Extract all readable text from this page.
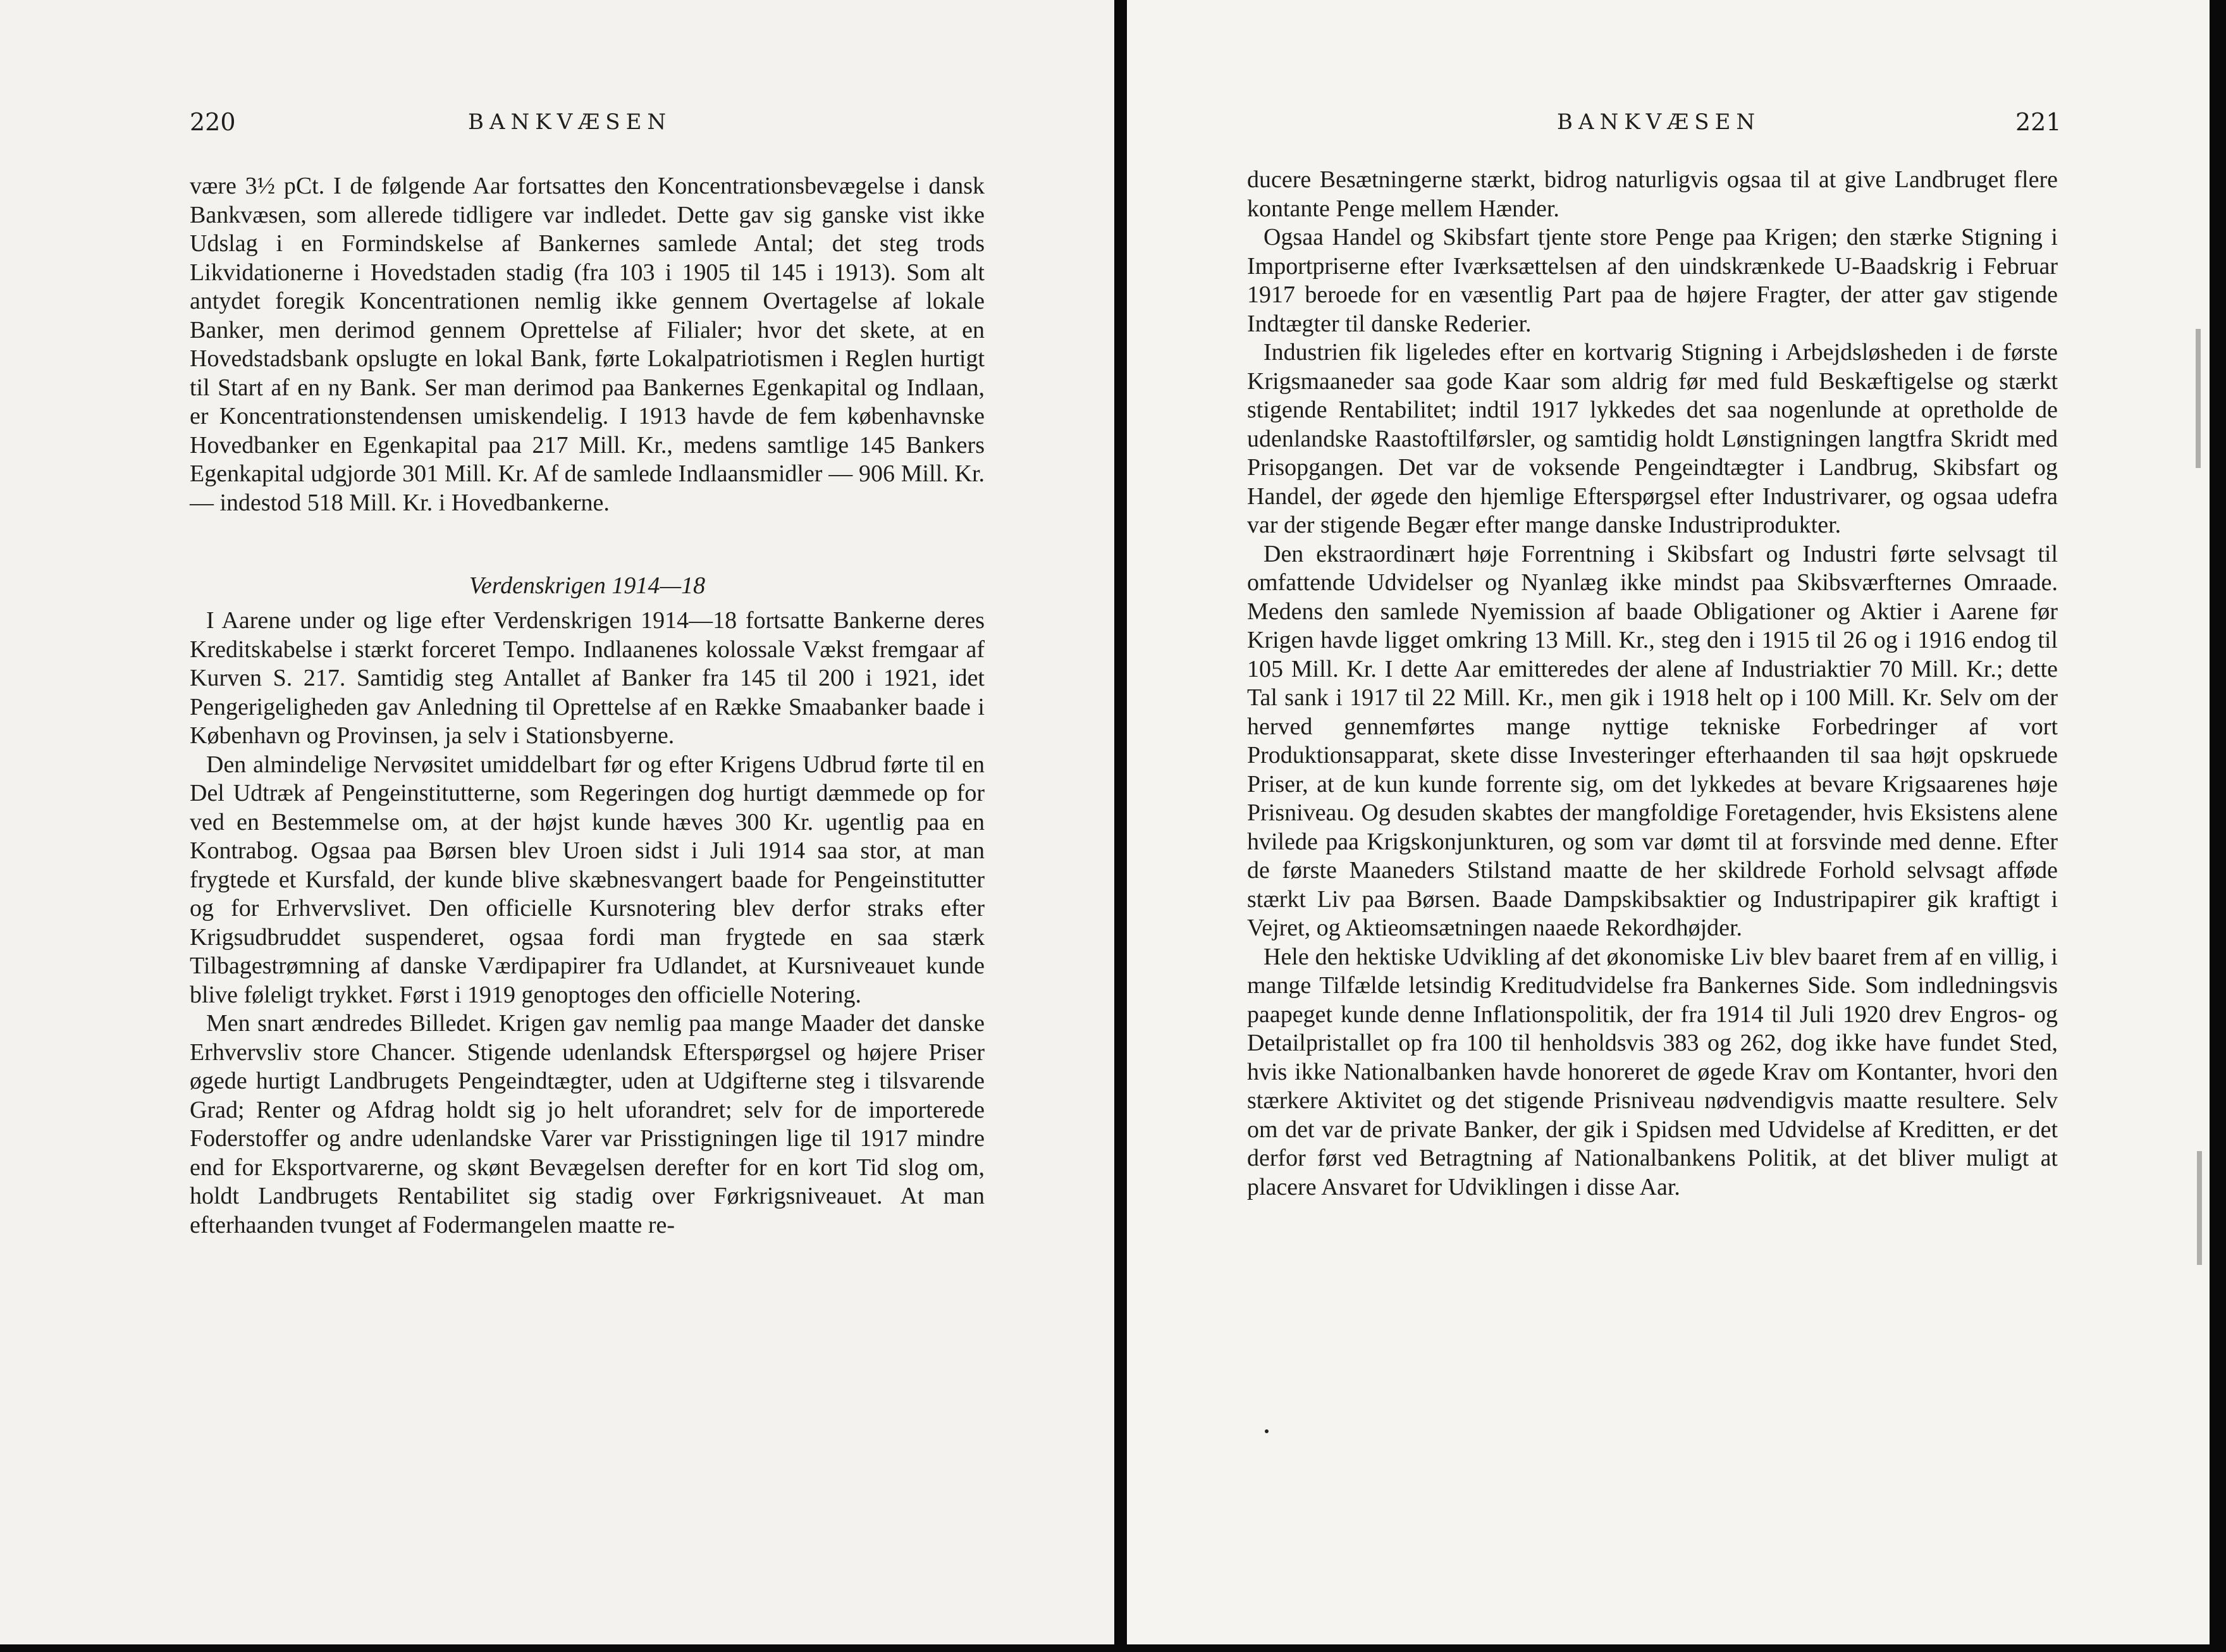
220	BANKVÆSEN

være 3½ pCt. I de følgende Aar fortsattes den Koncentrationsbevægelse i dansk Bankvæsen, som allerede tidligere var indledet. Dette gav sig ganske vist ikke Udslag i en Formindskelse af Bankernes samlede Antal; det steg trods Likvidationerne i Hovedstaden stadig (fra 103 i 1905 til 145 i 1913). Som alt antydet foregik Koncentrationen nemlig ikke gennem Overtagelse af lokale Banker, men derimod gennem Oprettelse af Filialer; hvor det skete, at en Hovedstadsbank opslugte en lokal Bank, førte Lokalpatriotismen i Reglen hurtigt til Start af en ny Bank. Ser man derimod paa Bankernes Egenkapital og Indlaan, er Koncentrationstendensen umiskendelig. I 1913 havde de fem københavnske Hovedbanker en Egenkapital paa 217 Mill. Kr., medens samtlige 145 Bankers Egenkapital udgjorde 301 Mill. Kr. Af de samlede Indlaansmidler — 906 Mill. Kr. — indestod 518 Mill. Kr. i Hovedbankerne.

Verdenskrigen 1914—18

I Aarene under og lige efter Verdenskrigen 1914—18 fortsatte Bankerne deres Kreditskabelse i stærkt forceret Tempo. Indlaanenes kolossale Vækst fremgaar af Kurven S. 217. Samtidig steg Antallet af Banker fra 145 til 200 i 1921, idet Pengerigeligheden gav Anledning til Oprettelse af en Række Smaabanker baade i København og Provinsen, ja selv i Stationsbyerne.

Den almindelige Nervøsitet umiddelbart før og efter Krigens Udbrud førte til en Del Udtræk af Pengeinstitutterne, som Regeringen dog hurtigt dæmmede op for ved en Bestemmelse om, at der højst kunde hæves 300 Kr. ugentlig paa en Kontrabog. Ogsaa paa Børsen blev Uroen sidst i Juli 1914 saa stor, at man frygtede et Kursfald, der kunde blive skæbnesvangert baade for Pengeinstitutter og for Erhvervslivet. Den officielle Kursnotering blev derfor straks efter Krigsudbruddet suspenderet, ogsaa fordi man frygtede en saa stærk Tilbagestrømning af danske Værdipapirer fra Udlandet, at Kursniveauet kunde blive føleligt trykket. Først i 1919 genoptoges den officielle Notering.

Men snart ændredes Billedet. Krigen gav nemlig paa mange Maader det danske Erhvervsliv store Chancer. Stigende udenlandsk Efterspørgsel og højere Priser øgede hurtigt Landbrugets Pengeindtægter, uden at Udgifterne steg i tilsvarende Grad; Renter og Afdrag holdt sig jo helt uforandret; selv for de importerede Foderstoffer og andre udenlandske Varer var Prisstigningen lige til 1917 mindre end for Eksportvarerne, og skønt Bevægelsen derefter for en kort Tid slog om, holdt Landbrugets Rentabilitet sig stadig over Førkrigsniveauet. At man efterhaanden tvunget af Fodermangelen maatte re-

BANKVÆSEN	221

ducere Besætningerne stærkt, bidrog naturligvis ogsaa til at give Landbruget flere kontante Penge mellem Hænder.

Ogsaa Handel og Skibsfart tjente store Penge paa Krigen; den stærke Stigning i Importpriserne efter Iværksættelsen af den uindskrænkede U-Baadskrig i Februar 1917 beroede for en væsentlig Part paa de højere Fragter, der atter gav stigende Indtægter til danske Rederier.

Industrien fik ligeledes efter en kortvarig Stigning i Arbejdsløsheden i de første Krigsmaaneder saa gode Kaar som aldrig før med fuld Beskæftigelse og stærkt stigende Rentabilitet; indtil 1917 lykkedes det saa nogenlunde at opretholde de udenlandske Raastoftilførsler, og samtidig holdt Lønstigningen langtfra Skridt med Prisopgangen. Det var de voksende Pengeindtægter i Landbrug, Skibsfart og Handel, der øgede den hjemlige Efterspørgsel efter Industrivarer, og ogsaa udefra var der stigende Begær efter mange danske Industriprodukter.

Den ekstraordinært høje Forrentning i Skibsfart og Industri førte selvsagt til omfattende Udvidelser og Nyanlæg ikke mindst paa Skibsværfternes Omraade. Medens den samlede Nyemission af baade Obligationer og Aktier i Aarene før Krigen havde ligget omkring 13 Mill. Kr., steg den i 1915 til 26 og i 1916 endog til 105 Mill. Kr. I dette Aar emitteredes der alene af Industriaktier 70 Mill. Kr.; dette Tal sank i 1917 til 22 Mill. Kr., men gik i 1918 helt op i 100 Mill. Kr. Selv om der herved gennemførtes mange nyttige tekniske Forbedringer af vort Produktionsapparat, skete disse Investeringer efterhaanden til saa højt opskruede Priser, at de kun kunde forrente sig, om det lykkedes at bevare Krigsaarenes høje Prisniveau. Og desuden skabtes der mangfoldige Foretagender, hvis Eksistens alene hvilede paa Krigskonjunkturen, og som var dømt til at forsvinde med denne. Efter de første Maaneders Stilstand maatte de her skildrede Forhold selvsagt afføde stærkt Liv paa Børsen. Baade Dampskibsaktier og Industripapirer gik kraftigt i Vejret, og Aktieomsætningen naaede Rekordhøjder.

Hele den hektiske Udvikling af det økonomiske Liv blev baaret frem af en villig, i mange Tilfælde letsindig Kreditudvidelse fra Bankernes Side. Som indledningsvis paapeget kunde denne Inflationspolitik, der fra 1914 til Juli 1920 drev Engros- og Detailpristallet op fra 100 til henholdsvis 383 og 262, dog ikke have fundet Sted, hvis ikke Nationalbanken havde honoreret de øgede Krav om Kontanter, hvori den stærkere Aktivitet og det stigende Prisniveau nødvendigvis maatte resultere. Selv om det var de private Banker, der gik i Spidsen med Udvidelse af Kreditten, er det derfor først ved Betragtning af Nationalbankens Politik, at det bliver muligt at placere Ansvaret for Udviklingen i disse Aar.
